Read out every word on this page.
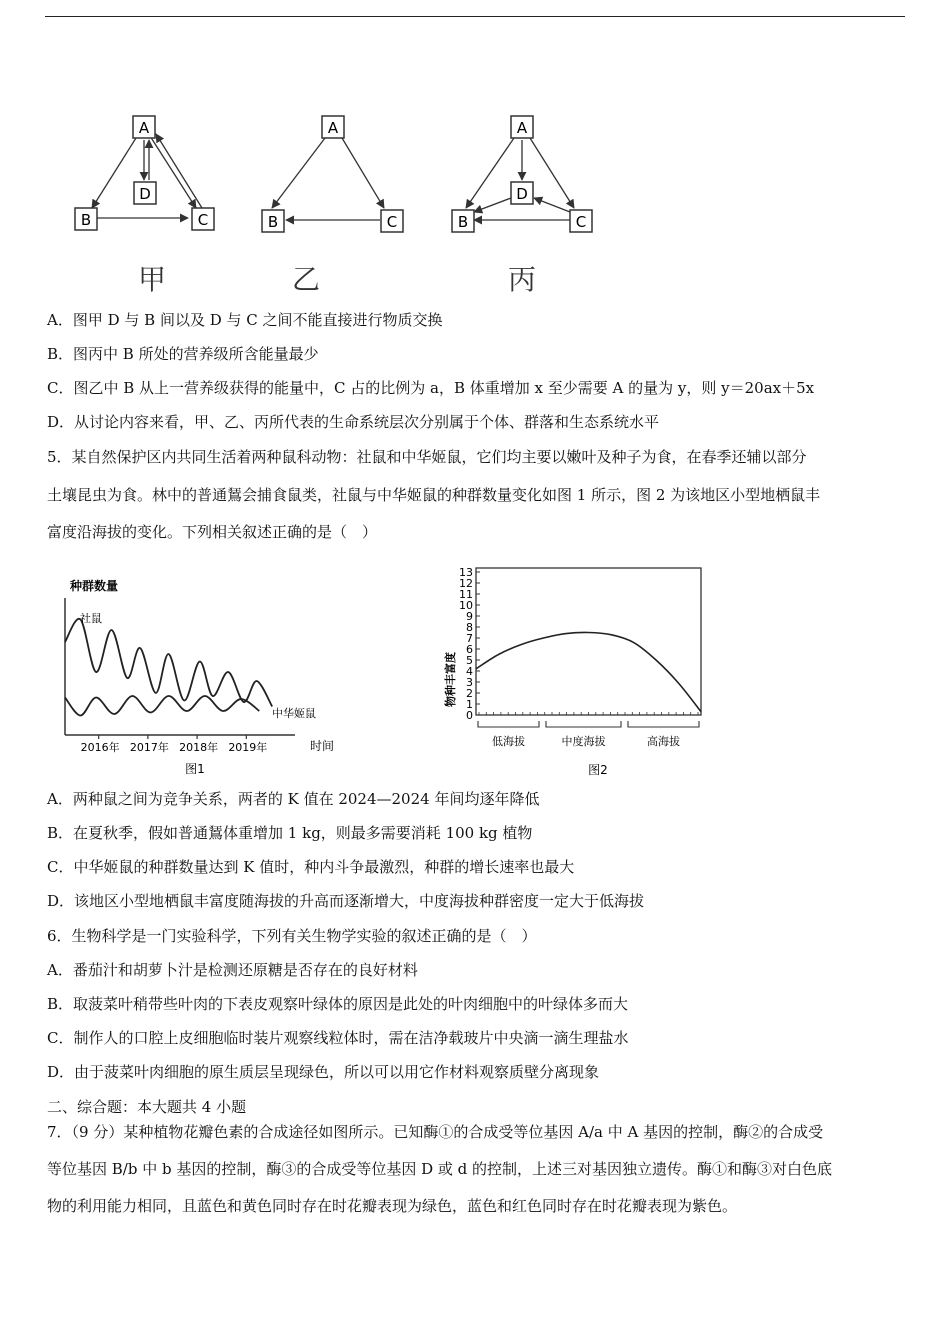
A
D
B	C
A
B	C
A
D
B	C
甲	乙	丙
A．图甲 D 与 B 间以及 D 与 C 之间不能直接进行物质交换
B．图丙中 B 所处的营养级所含能量最少
C．图乙中 B 从上一营养级获得的能量中，C 占的比例为 a，B 体重增加 x 至少需要 A 的量为 y，则 y＝20ax＋5x
D．从讨论内容来看，甲、乙、丙所代表的生命系统层次分别属于个体、群落和生态系统水平
5．某自然保护区内共同生活着两种鼠科动物：社鼠和中华姬鼠，它们均主要以嫩叶及种子为食，在春季还辅以部分
土壤昆虫为食。林中的普通鵟会捕食鼠类，社鼠与中华姬鼠的种群数量变化如图 1 所示，图 2 为该地区小型地栖鼠丰
富度沿海拔的变化。下列相关叙述正确的是（　）
种群数量
时间
图1
2016年 2017年 2018年 2019年
社鼠
中华姬鼠
物种丰富度
0
1
2
3
4
5
6
7
8
9
10
11
12
13
低海拔	中度海拔	高海拔
图2
A．两种鼠之间为竞争关系，两者的 K 值在 2024—2024 年间均逐年降低
B．在夏秋季，假如普通鵟体重增加 1 kg，则最多需要消耗 100 kg 植物
C．中华姬鼠的种群数量达到 K 值时，种内斗争最激烈，种群的增长速率也最大
D．该地区小型地栖鼠丰富度随海拔的升高而逐渐增大，中度海拔种群密度一定大于低海拔
6．生物科学是一门实验科学，下列有关生物学实验的叙述正确的是（　）
A．番茄汁和胡萝卜汁是检测还原糖是否存在的良好材料
B．取菠菜叶稍带些叶肉的下表皮观察叶绿体的原因是此处的叶肉细胞中的叶绿体多而大
C．制作人的口腔上皮细胞临时装片观察线粒体时，需在洁净载玻片中央滴一滴生理盐水
D．由于菠菜叶肉细胞的原生质层呈现绿色，所以可以用它作材料观察质壁分离现象
二、综合题：本大题共 4 小题
7．（9 分）某种植物花瓣色素的合成途径如图所示。已知酶①的合成受等位基因 A/a 中 A 基因的控制，酶②的合成受
等位基因 B/b 中 b 基因的控制，酶③的合成受等位基因 D 或 d 的控制，上述三对基因独立遗传。酶①和酶③对白色底
物的利用能力相同，且蓝色和黄色同时存在时花瓣表现为绿色，蓝色和红色同时存在时花瓣表现为紫色。
